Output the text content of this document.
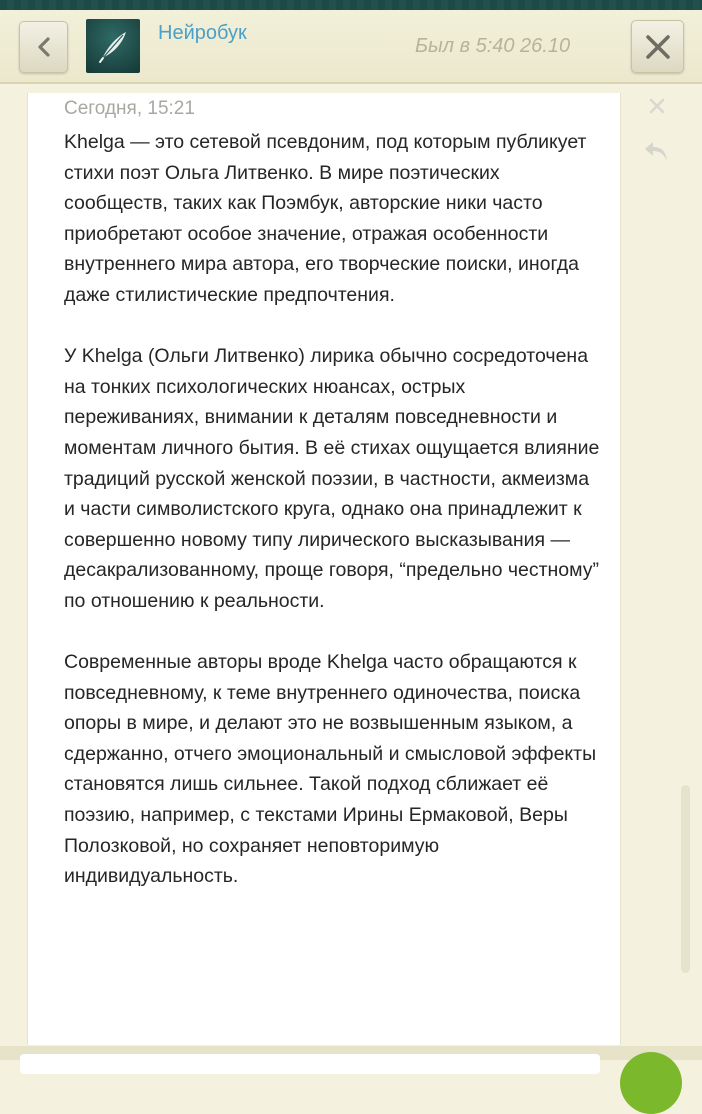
Нейробук
Был в 5:40 26.10
Сегодня, 15:21

Khelga — это сетевой псевдоним, под которым публикует стихи поэт Ольга Литвенко. В мире поэтических сообществ, таких как Поэмбук, авторские ники часто приобретают особое значение, отражая особенности внутреннего мира автора, его творческие поиски, иногда даже стилистические предпочтения.

У Khelga (Ольги Литвенко) лирика обычно сосредоточена на тонких психологических нюансах, острых переживаниях, внимании к деталям повседневности и моментам личного бытия. В её стихах ощущается влияние традиций русской женской поэзии, в частности, акмеизма и части символистского круга, однако она принадлежит к совершенно новому типу лирического высказывания — десакрализованному, проще говоря, “предельно честному” по отношению к реальности.

Современные авторы вроде Khelga часто обращаются к повседневному, к теме внутреннего одиночества, поиска опоры в мире, и делают это не возвышенным языком, а сдержанно, отчего эмоциональный и смысловой эффекты становятся лишь сильнее. Такой подход сближает её поэзию, например, с текстами Ирины Ермаковой, Веры Полозковой, но сохраняет неповторимую индивидуальность.
